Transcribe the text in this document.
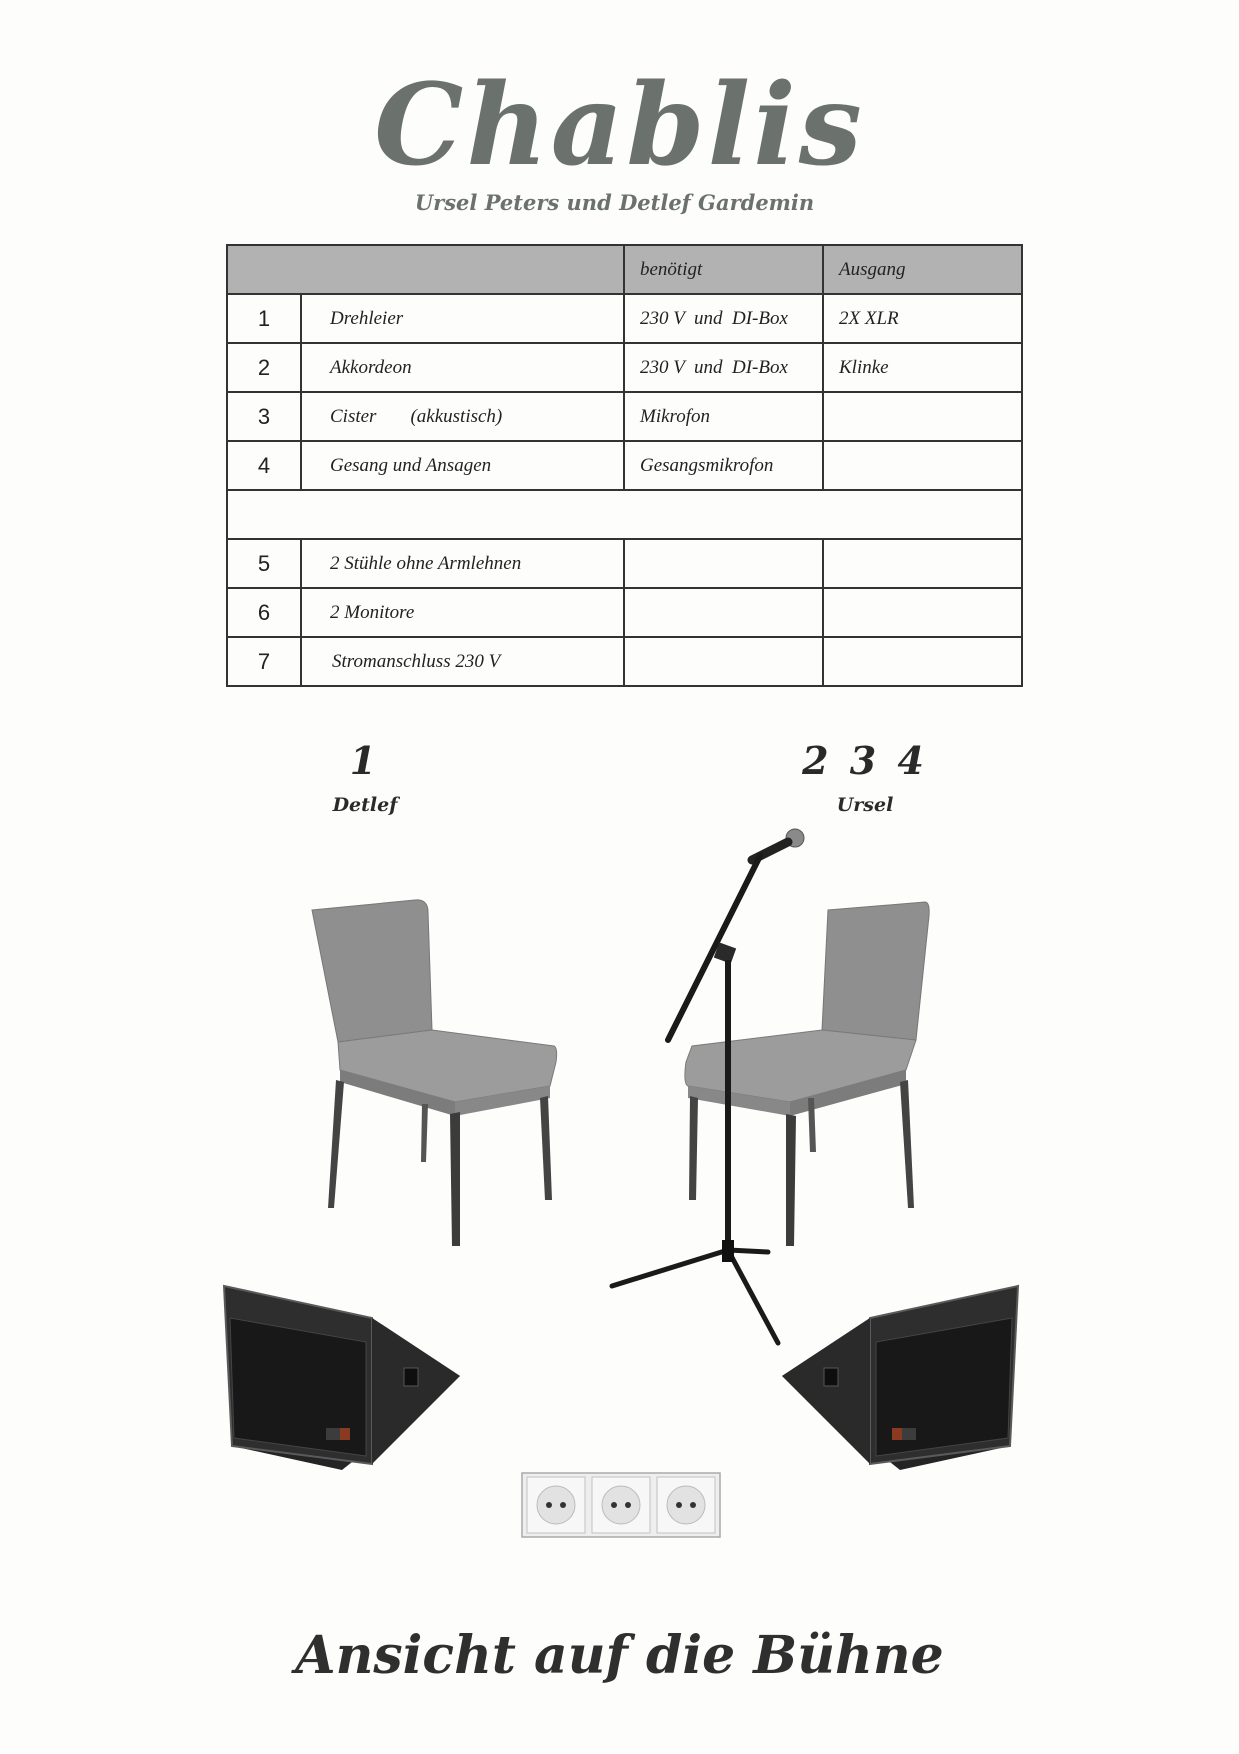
Chablis
Ursel Peters und Detlef Gardemin
		benötigt	Ausgang
1	Drehleier	230 V  und  DI-Box	2X XLR
2	Akkordeon	230 V  und  DI-Box	Klinke
3	Cister (akkustisch)	Mikrofon	
4	Gesang und Ansagen	Gesangsmikrofon	

5	2 Stühle ohne Armlehnen		
6	2 Monitore		
7	Stromanschluss 230 V		
1
Detlef
2 3 4
Ursel
Ansicht auf die Bühne
